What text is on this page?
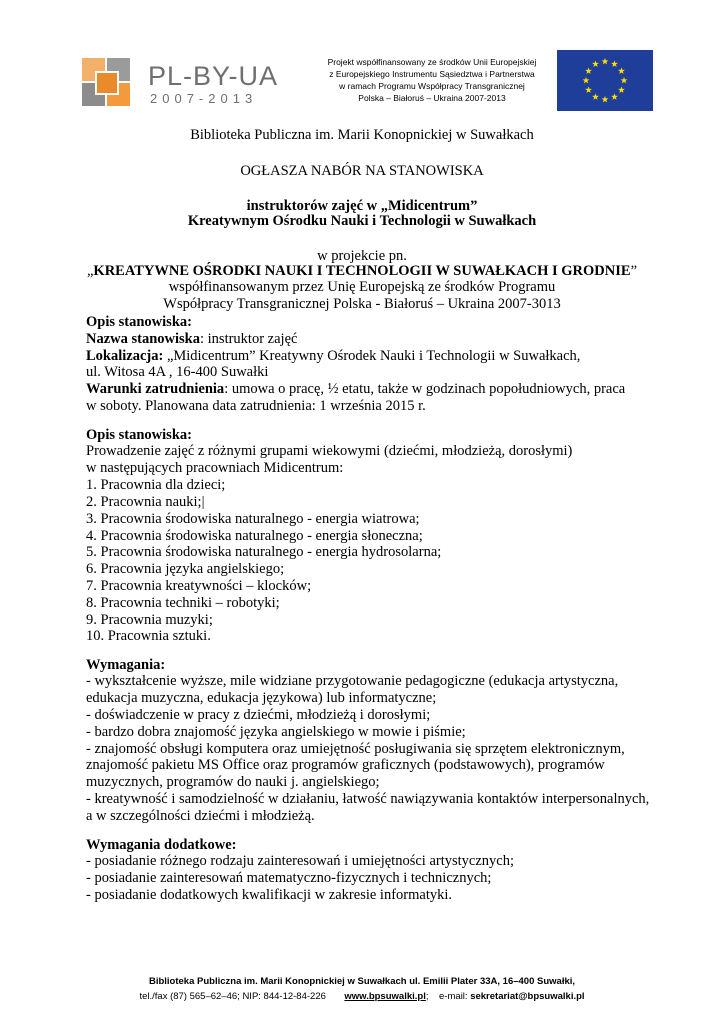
PL-BY-UA
2007-2013
Projekt współfinansowany ze środków Unii Europejskiej
z Europejskiego Instrumentu Sąsiedztwa i Partnerstwa
w ramach Programu Współpracy Transgranicznej
Polska – Białoruś – Ukraina 2007-2013
Biblioteka Publiczna im. Marii Konopnickiej w Suwałkach
OGŁASZA NABÓR NA STANOWISKA
instruktorów zajęć w „Midicentrum”
Kreatywnym Ośrodku Nauki i Technologii w Suwałkach
w projekcie pn.
„KREATYWNE OŚRODKI NAUKI I TECHNOLOGII W SUWAŁKACH I GRODNIE”
współfinansowanym przez Unię Europejską ze środków Programu
Współpracy Transgranicznej Polska - Białoruś – Ukraina 2007-3013
Opis stanowiska:
Nazwa stanowiska: instruktor zajęć
Lokalizacja: „Midicentrum” Kreatywny Ośrodek Nauki i Technologii w Suwałkach,
ul. Witosa 4A , 16-400 Suwałki
Warunki zatrudnienia: umowa o pracę, ½ etatu, także w godzinach popołudniowych, praca
w soboty. Planowana data zatrudnienia: 1 września 2015 r.
Opis stanowiska:
Prowadzenie zajęć z różnymi grupami wiekowymi (dziećmi, młodzieżą, dorosłymi)
w następujących pracowniach Midicentrum:
1. Pracownia dla dzieci;
2. Pracownia nauki;|
3. Pracownia środowiska naturalnego - energia wiatrowa;
4. Pracownia środowiska naturalnego - energia słoneczna;
5. Pracownia środowiska naturalnego - energia hydrosolarna;
6. Pracownia języka angielskiego;
7. Pracownia kreatywności – klocków;
8. Pracownia techniki – robotyki;
9. Pracownia muzyki;
10. Pracownia sztuki.
Wymagania:
- wykształcenie wyższe, mile widziane przygotowanie pedagogiczne (edukacja artystyczna,
edukacja muzyczna, edukacja językowa) lub informatyczne;
- doświadczenie w pracy z dziećmi, młodzieżą i dorosłymi;
- bardzo dobra znajomość języka angielskiego w mowie i piśmie;
- znajomość obsługi komputera oraz umiejętność posługiwania się sprzętem elektronicznym,
znajomość pakietu MS Office oraz programów graficznych (podstawowych), programów
muzycznych, programów do nauki j. angielskiego;
- kreatywność i samodzielność w działaniu, łatwość nawiązywania kontaktów interpersonalnych,
a w szczególności dziećmi i młodzieżą.
Wymagania dodatkowe:
- posiadanie różnego rodzaju zainteresowań i umiejętności artystycznych;
- posiadanie zainteresowań matematyczno-fizycznych i technicznych;
- posiadanie dodatkowych kwalifikacji w zakresie informatyki.
Biblioteka Publiczna im. Marii Konopnickiej w Suwałkach ul. Emilii Plater 33A, 16–400 Suwałki,
tel./fax (87) 565–62–46; NIP: 844-12-84-226 www.bpsuwalki.pl; e-mail: sekretariat@bpsuwalki.pl
